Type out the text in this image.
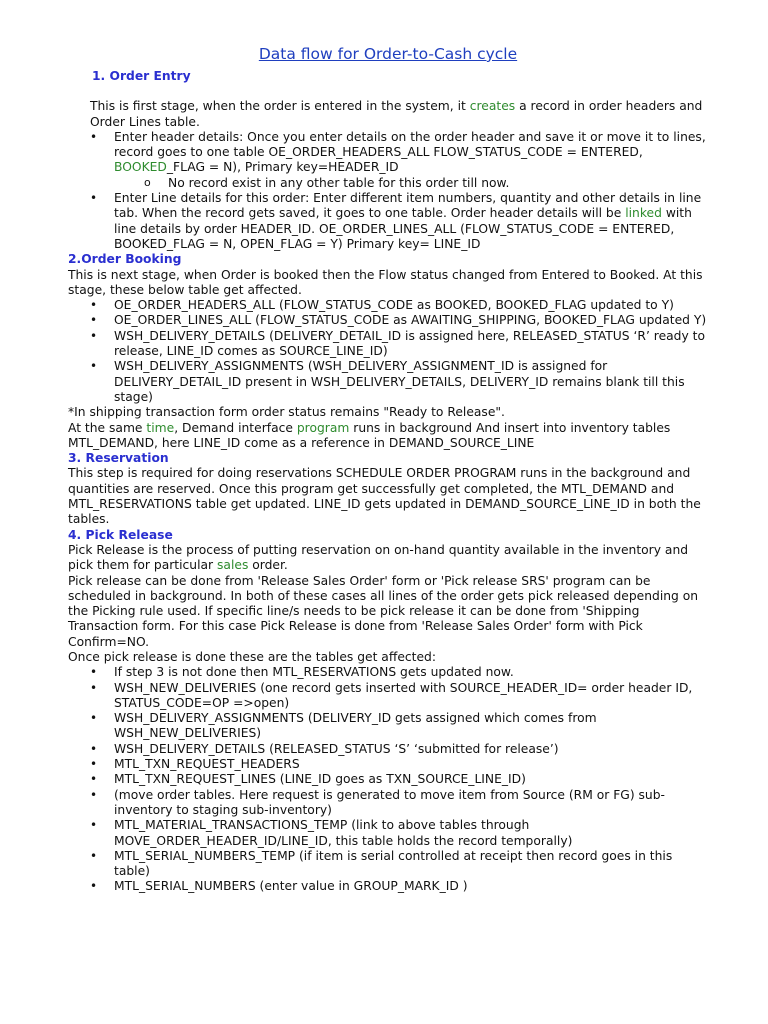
Data flow for Order-to-Cash cycle
1. Order Entry

This is first stage, when the order is entered in the system, it creates a record in order headers and Order Lines table.

• Enter header details: Once you enter details on the order header and save it or move it to lines, record goes to one table OE_ORDER_HEADERS_ALL FLOW_STATUS_CODE = ENTERED, BOOKED_FLAG = N), Primary key=HEADER_ID
o No record exist in any other table for this order till now.
• Enter Line details for this order: Enter different item numbers, quantity and other details in line tab. When the record gets saved, it goes to one table. Order header details will be linked with line details by order HEADER_ID. OE_ORDER_LINES_ALL (FLOW_STATUS_CODE = ENTERED, BOOKED_FLAG = N, OPEN_FLAG = Y) Primary key= LINE_ID
2.Order Booking

This is next stage, when Order is booked then the Flow status changed from Entered to Booked. At this stage, these below table get affected.

• OE_ORDER_HEADERS_ALL (FLOW_STATUS_CODE as BOOKED, BOOKED_FLAG updated to Y)
• OE_ORDER_LINES_ALL (FLOW_STATUS_CODE as AWAITING_SHIPPING, BOOKED_FLAG updated Y)
• WSH_DELIVERY_DETAILS (DELIVERY_DETAIL_ID is assigned here, RELEASED_STATUS ‘R’ ready to release, LINE_ID comes as SOURCE_LINE_ID)
• WSH_DELIVERY_ASSIGNMENTS (WSH_DELIVERY_ASSIGNMENT_ID is assigned for DELIVERY_DETAIL_ID present in WSH_DELIVERY_DETAILS, DELIVERY_ID remains blank till this stage)

*In shipping transaction form order status remains "Ready to Release".

At the same time, Demand interface program runs in background And insert into inventory tables MTL_DEMAND, here LINE_ID come as a reference in DEMAND_SOURCE_LINE

3. Reservation

This step is required for doing reservations SCHEDULE ORDER PROGRAM runs in the background and quantities are reserved. Once this program get successfully get completed, the MTL_DEMAND and MTL_RESERVATIONS table get updated. LINE_ID gets updated in DEMAND_SOURCE_LINE_ID in both the tables.

4. Pick Release

Pick Release is the process of putting reservation on on-hand quantity available in the inventory and pick them for particular sales order.

Pick release can be done from 'Release Sales Order' form or 'Pick release SRS' program can be scheduled in background. In both of these cases all lines of the order gets pick released depending on the Picking rule used. If specific line/s needs to be pick release it can be done from 'Shipping Transaction form. For this case Pick Release is done from 'Release Sales Order' form with Pick Confirm=NO.

Once pick release is done these are the tables get affected:

• If step 3 is not done then MTL_RESERVATIONS gets updated now.
• WSH_NEW_DELIVERIES (one record gets inserted with SOURCE_HEADER_ID= order header ID, STATUS_CODE=OP =>open)
• WSH_DELIVERY_ASSIGNMENTS (DELIVERY_ID gets assigned which comes from WSH_NEW_DELIVERIES)
• WSH_DELIVERY_DETAILS (RELEASED_STATUS ‘S’ ‘submitted for release’)
• MTL_TXN_REQUEST_HEADERS
• MTL_TXN_REQUEST_LINES (LINE_ID goes as TXN_SOURCE_LINE_ID)
• (move order tables. Here request is generated to move item from Source (RM or FG) sub-inventory to staging sub-inventory)
• MTL_MATERIAL_TRANSACTIONS_TEMP (link to above tables through MOVE_ORDER_HEADER_ID/LINE_ID, this table holds the record temporally)
• MTL_SERIAL_NUMBERS_TEMP (if item is serial controlled at receipt then record goes in this table)
• MTL_SERIAL_NUMBERS (enter value in GROUP_MARK_ID )
